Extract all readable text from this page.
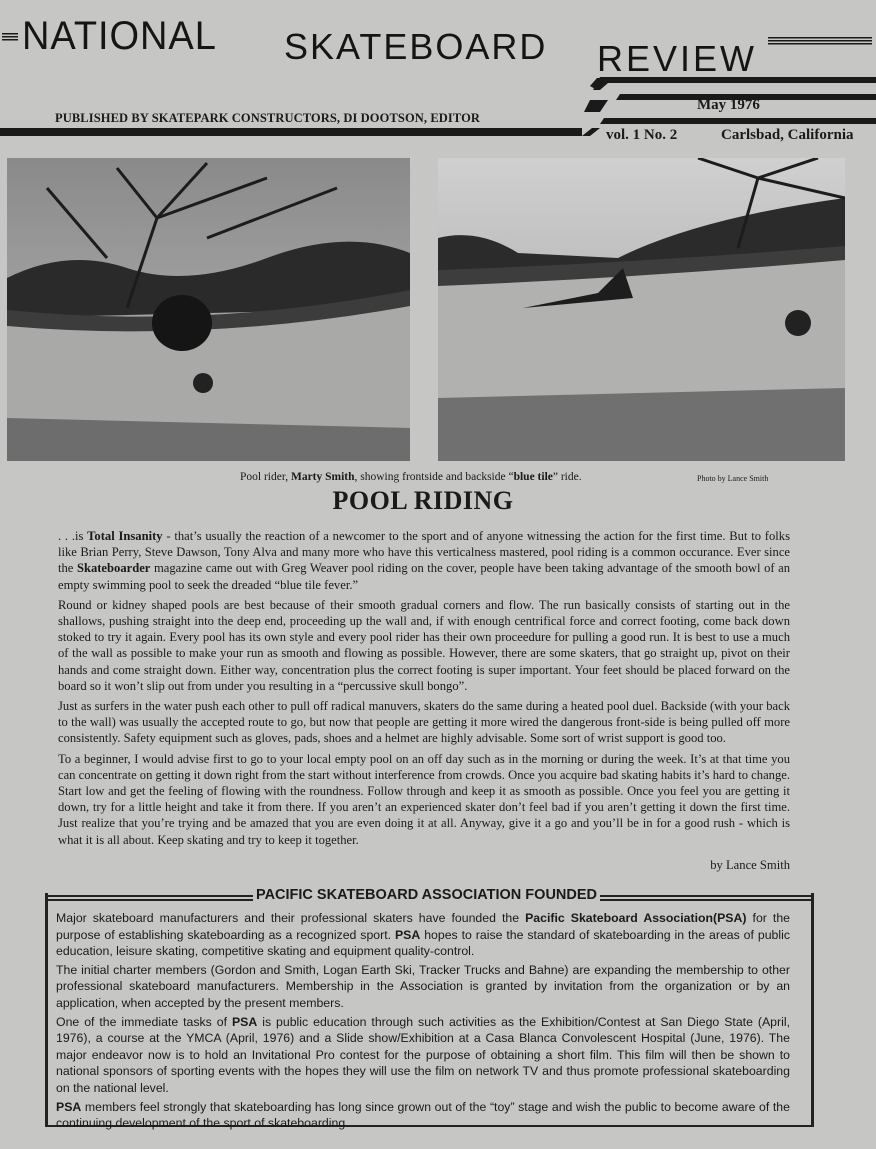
NATIONAL SKATEBOARD REVIEW
PUBLISHED BY SKATEPARK CONSTRUCTORS, DI DOOTSON, EDITOR
May 1976
vol. 1 No. 2	Carlsbad, California
Pool rider, Marty Smith, showing frontside and backside “blue tile” ride.	Photo by Lance Smith
POOL RIDING

. . .is Total Insanity - that’s usually the reaction of a newcomer to the sport and of anyone witnessing the action for the first time. But to folks like Brian Perry, Steve Dawson, Tony Alva and many more who have this verticalness mastered, pool riding is a common occurance. Ever since the Skateboarder magazine came out with Greg Weaver pool riding on the cover, people have been taking advantage of the smooth bowl of an empty swimming pool to seek the dreaded “blue tile fever.”

Round or kidney shaped pools are best because of their smooth gradual corners and flow. The run basically consists of starting out in the shallows, pushing straight into the deep end, proceeding up the wall and, if with enough centrifical force and correct footing, come back down stoked to try it again. Every pool has its own style and every pool rider has their own proceedure for pulling a good run. It is best to use a much of the wall as possible to make your run as smooth and flowing as possible. However, there are some skaters, that go straight up, pivot on their hands and come straight down. Either way, concentration plus the correct footing is super important. Your feet should be placed forward on the board so it won’t slip out from under you resulting in a “percussive skull bongo”.

Just as surfers in the water push each other to pull off radical manuvers, skaters do the same during a heated pool duel. Backside (with your back to the wall) was usually the accepted route to go, but now that people are getting it more wired the dangerous front-side is being pulled off more consistently. Safety equipment such as gloves, pads, shoes and a helmet are highly advisable. Some sort of wrist support is good too.

To a beginner, I would advise first to go to your local empty pool on an off day such as in the morning or during the week. It’s at that time you can concentrate on getting it down right from the start without interference from crowds. Once you acquire bad skating habits it’s hard to change. Start low and get the feeling of flowing with the roundness. Follow through and keep it as smooth as possible. Once you feel you are getting it down, try for a little height and take it from there. If you aren’t an experienced skater don’t feel bad if you aren’t getting it down the first time. Just realize that you’re trying and be amazed that you are even doing it at all. Anyway, give it a go and you’ll be in for a good rush - which is what it is all about. Keep skating and try to keep it together.

by Lance Smith
PACIFIC SKATEBOARD ASSOCIATION FOUNDED

Major skateboard manufacturers and their professional skaters have founded the Pacific Skateboard Association(PSA) for the purpose of establishing skateboarding as a recognized sport. PSA hopes to raise the standard of skateboarding in the areas of public education, leisure skating, competitive skating and equipment quality-control.

The initial charter members (Gordon and Smith, Logan Earth Ski, Tracker Trucks and Bahne) are expanding the membership to other professional skateboard manufacturers. Membership in the Association is granted by invitation from the organization or by an application, when accepted by the present members.

One of the immediate tasks of PSA is public education through such activities as the Exhibition/Contest at San Diego State (April, 1976), a course at the YMCA (April, 1976) and a Slide show/Exhibition at a Casa Blanca Convolescent Hospital (June, 1976). The major endeavor now is to hold an Invitational Pro contest for the purpose of obtaining a short film. This film will then be shown to national sponsors of sporting events with the hopes they will use the film on network TV and thus promote professional skateboarding on the national level.

PSA members feel strongly that skateboarding has long since grown out of the “toy” stage and wish the public to become aware of the continuing development of the sport of skateboarding.
